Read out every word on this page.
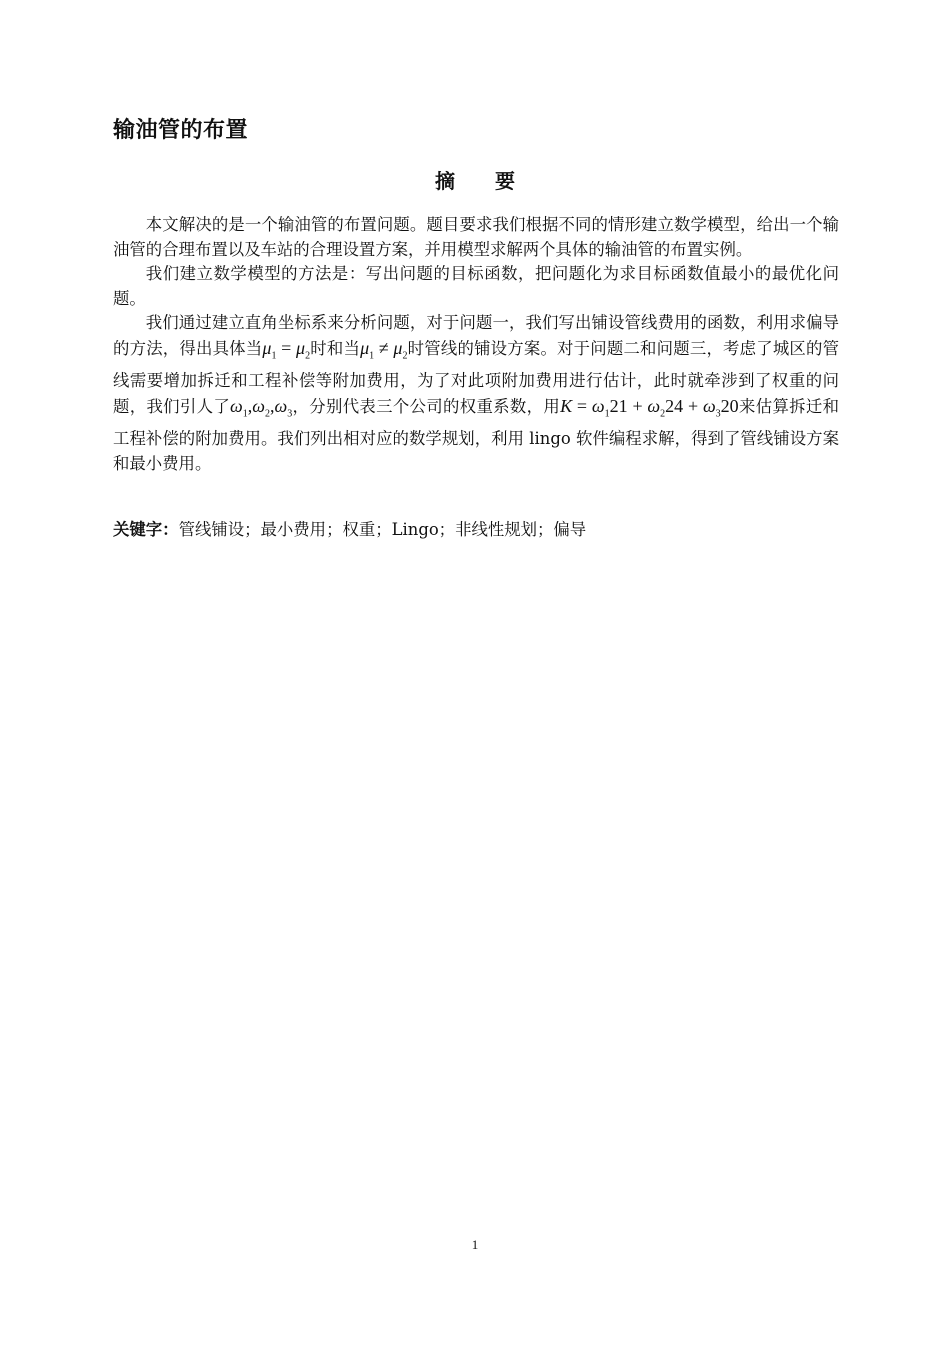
输油管的布置
摘要

本文解决的是一个输油管的布置问题。题目要求我们根据不同的情形建立数学模型，给出一个输油管的合理布置以及车站的合理设置方案，并用模型求解两个具体的输油管的布置实例。

我们建立数学模型的方法是：写出问题的目标函数，把问题化为求目标函数值最小的最优化问题。

我们通过建立直角坐标系来分析问题，对于问题一，我们写出铺设管线费用的函数，利用求偏导的方法，得出具体当$\mu_1 = \mu_2$时和当$\mu_1 \ne \mu_2$时管线的铺设方案。对于问题二和问题三，考虑了城区的管线需要增加拆迁和工程补偿等附加费用，为了对此项附加费用进行估计，此时就牵涉到了权重的问题，我们引人了$\omega_1,\omega_2,\omega_3$，分别代表三个公司的权重系数，用$K = \omega_121 + \omega_224 + \omega_320$来估算拆迁和工程补偿的附加费用。我们列出相对应的数学规划，利用 lingo 软件编程求解，得到了管线铺设方案和最小费用。

关键字：管线铺设；最小费用；权重；Lingo；非线性规划；偏导

1
